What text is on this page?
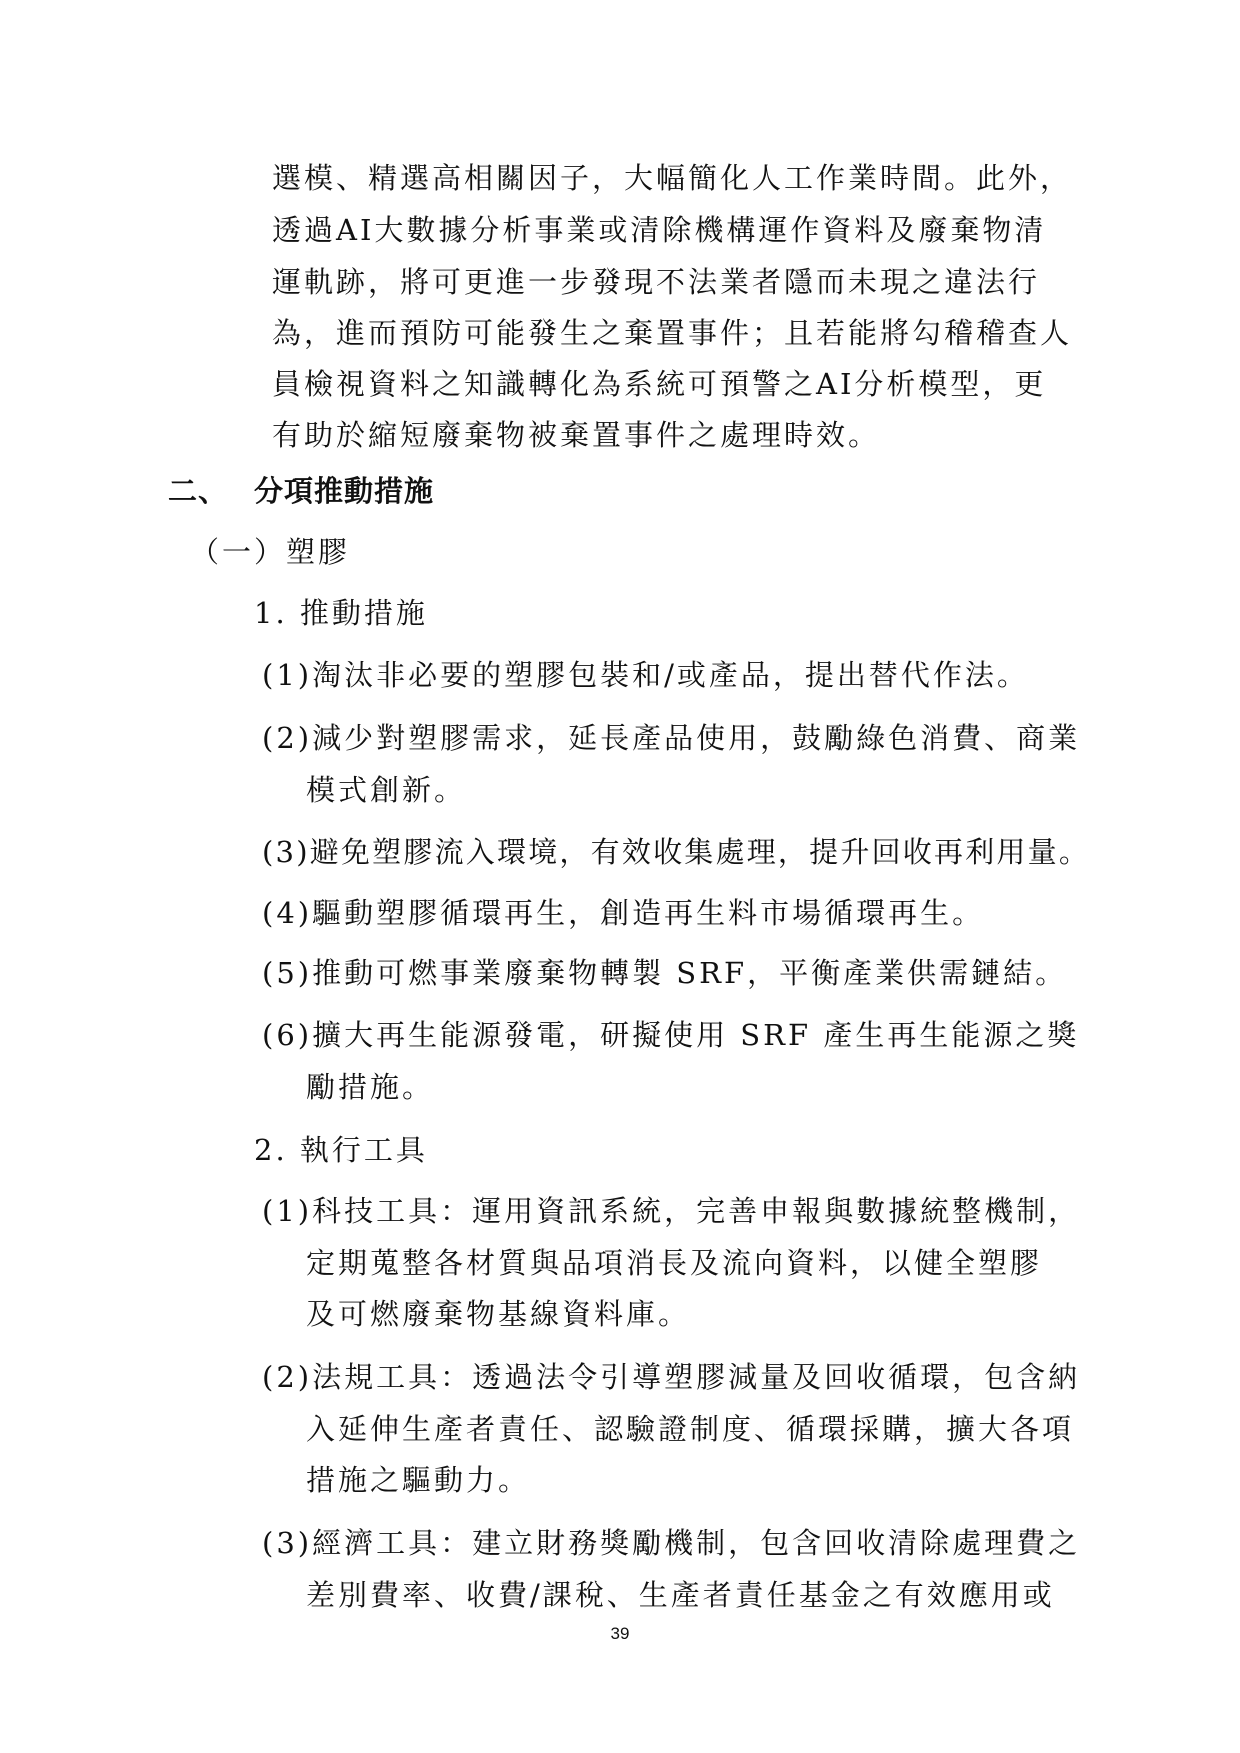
選模、精選高相關因子，大幅簡化人工作業時間。此外，
透過AI大數據分析事業或清除機構運作資料及廢棄物清
運軌跡，將可更進一步發現不法業者隱而未現之違法行
為，進而預防可能發生之棄置事件；且若能將勾稽稽查人
員檢視資料之知識轉化為系統可預警之AI分析模型，更
有助於縮短廢棄物被棄置事件之處理時效。
二、 分項推動措施
（一）塑膠
1. 推動措施
(1)淘汰非必要的塑膠包裝和/或產品，提出替代作法。
(2)減少對塑膠需求，延長產品使用，鼓勵綠色消費、商業
模式創新。
(3)避免塑膠流入環境，有效收集處理，提升回收再利用量。
(4)驅動塑膠循環再生，創造再生料市場循環再生。
(5)推動可燃事業廢棄物轉製 SRF，平衡產業供需鏈結。
(6)擴大再生能源發電，研擬使用 SRF 產生再生能源之獎
勵措施。
2. 執行工具
(1)科技工具：運用資訊系統，完善申報與數據統整機制，
定期蒐整各材質與品項消長及流向資料，以健全塑膠
及可燃廢棄物基線資料庫。
(2)法規工具：透過法令引導塑膠減量及回收循環，包含納
入延伸生產者責任、認驗證制度、循環採購，擴大各項
措施之驅動力。
(3)經濟工具：建立財務獎勵機制，包含回收清除處理費之
差別費率、收費/課稅、生產者責任基金之有效應用或
39
